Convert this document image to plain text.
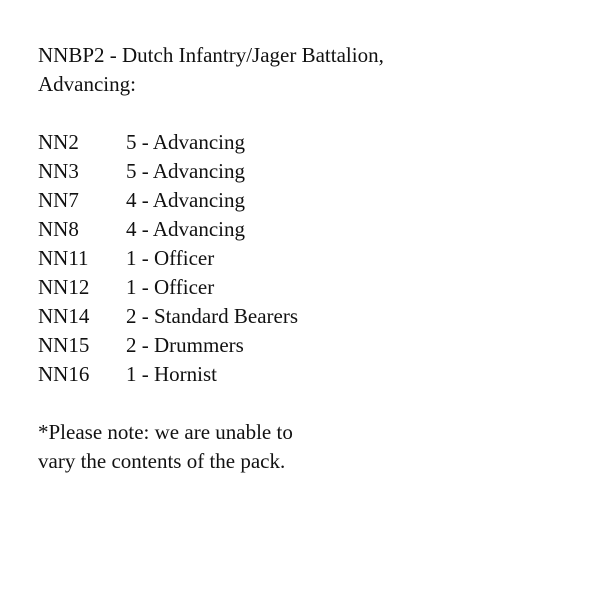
NNBP2 - Dutch Infantry/Jager Battalion,
Advancing:
NN2	5 - Advancing
NN3	5 - Advancing
NN7	4 - Advancing
NN8	4 - Advancing
NN11	1 - Officer
NN12	1 - Officer
NN14	2 - Standard Bearers
NN15	2 - Drummers
NN16	1 - Hornist
*Please note: we are unable to
vary the contents of the pack.
